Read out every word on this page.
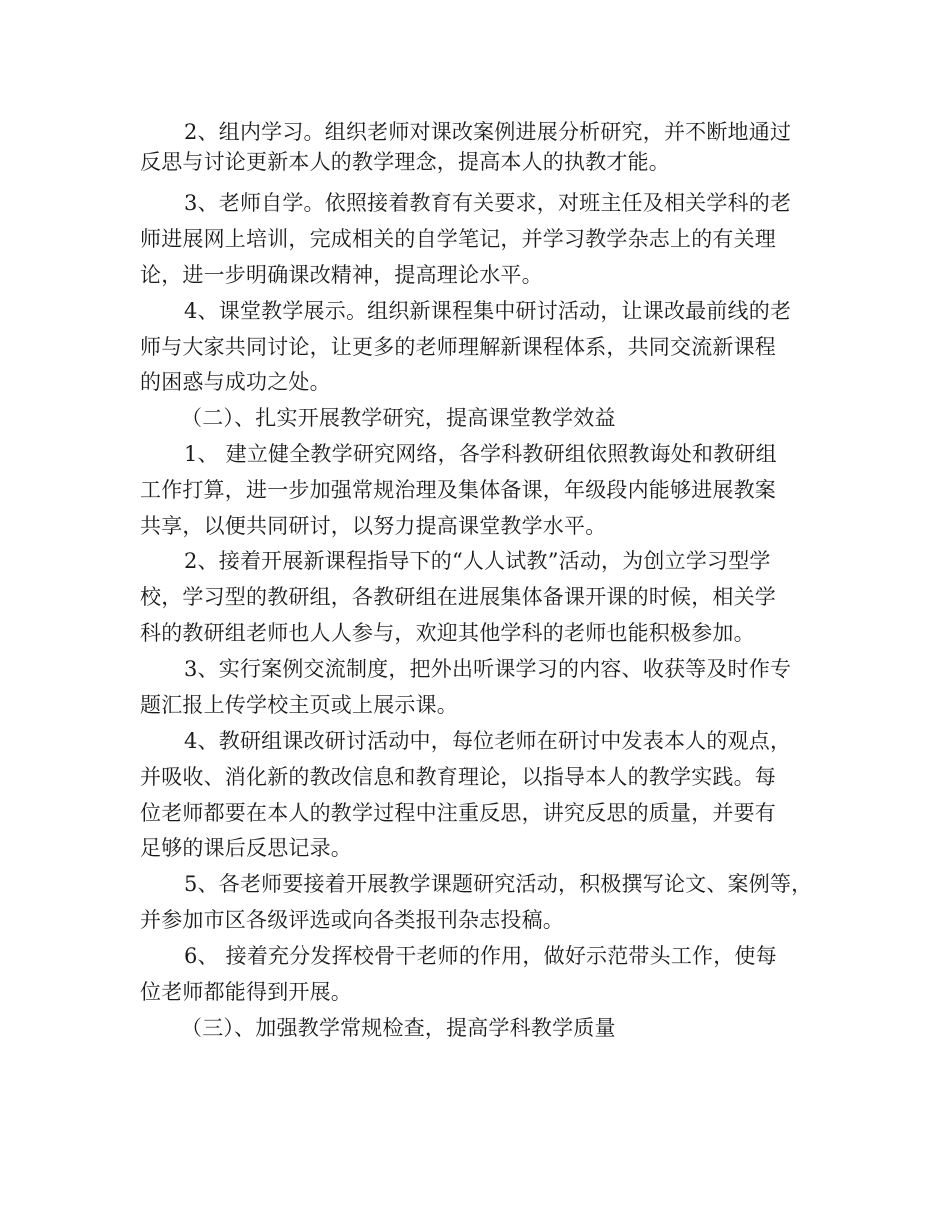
2、组内学习。组织老师对课改案例进展分析研究，并不断地通过
反思与讨论更新本人的教学理念，提高本人的执教才能。
3、老师自学。依照接着教育有关要求，对班主任及相关学科的老
师进展网上培训，完成相关的自学笔记，并学习教学杂志上的有关理
论，进一步明确课改精神，提高理论水平。
4、课堂教学展示。组织新课程集中研讨活动，让课改最前线的老
师与大家共同讨论，让更多的老师理解新课程体系，共同交流新课程
的困惑与成功之处。
（二）、扎实开展教学研究，提高课堂教学效益
1、 建立健全教学研究网络，各学科教研组依照教诲处和教研组
工作打算，进一步加强常规治理及集体备课，年级段内能够进展教案
共享，以便共同研讨，以努力提高课堂教学水平。
2、接着开展新课程指导下的“人人试教”活动，为创立学习型学
校，学习型的教研组，各教研组在进展集体备课开课的时候，相关学
科的教研组老师也人人参与，欢迎其他学科的老师也能积极参加。
3、实行案例交流制度，把外出听课学习的内容、收获等及时作专
题汇报上传学校主页或上展示课。
4、教研组课改研讨活动中，每位老师在研讨中发表本人的观点，
并吸收、消化新的教改信息和教育理论，以指导本人的教学实践。每
位老师都要在本人的教学过程中注重反思，讲究反思的质量，并要有
足够的课后反思记录。
5、各老师要接着开展教学课题研究活动，积极撰写论文、案例等，
并参加市区各级评选或向各类报刊杂志投稿。
6、 接着充分发挥校骨干老师的作用，做好示范带头工作，使每
位老师都能得到开展。
（三）、加强教学常规检查，提高学科教学质量
